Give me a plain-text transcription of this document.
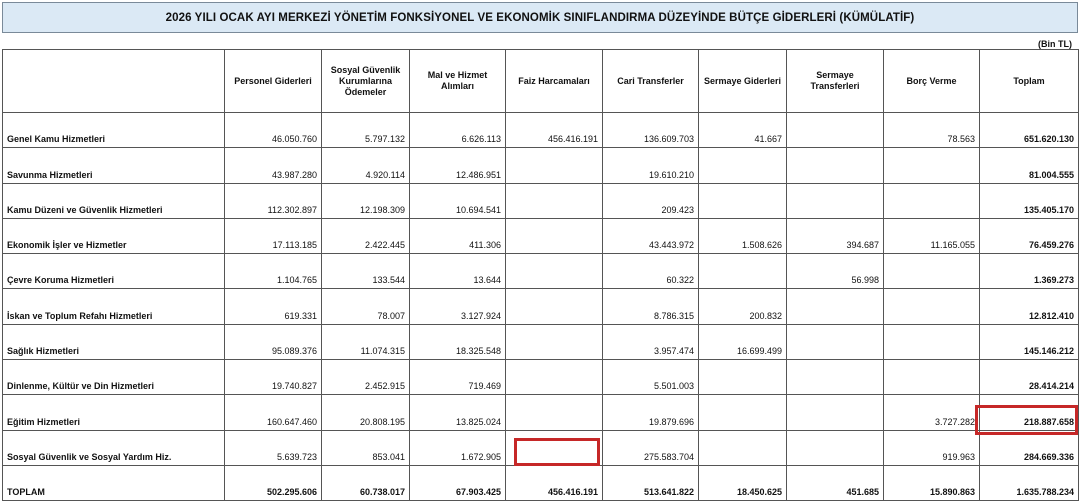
2026 YILI OCAK AYI MERKEZİ YÖNETİM FONKSİYONEL VE EKONOMİK SINIFLANDIRMA DÜZEYİNDE BÜTÇE GİDERLERİ (KÜMÜLATİF)
(Bin TL)
	Personel Giderleri	Sosyal Güvenlik Kurumlarına Ödemeler	Mal ve Hizmet Alımları	Faiz Harcamaları	Cari Transferler	Sermaye Giderleri	Sermaye Transferleri	Borç Verme	Toplam
Genel Kamu Hizmetleri	46.050.760	5.797.132	6.626.113	456.416.191	136.609.703	41.667		78.563	651.620.130
Savunma Hizmetleri	43.987.280	4.920.114	12.486.951		19.610.210				81.004.555
Kamu Düzeni ve Güvenlik Hizmetleri	112.302.897	12.198.309	10.694.541		209.423				135.405.170
Ekonomik İşler ve Hizmetler	17.113.185	2.422.445	411.306		43.443.972	1.508.626	394.687	11.165.055	76.459.276
Çevre Koruma Hizmetleri	1.104.765	133.544	13.644		60.322		56.998		1.369.273
İskan ve Toplum Refahı Hizmetleri	619.331	78.007	3.127.924		8.786.315	200.832			12.812.410
Sağlık Hizmetleri	95.089.376	11.074.315	18.325.548		3.957.474	16.699.499			145.146.212
Dinlenme, Kültür ve Din Hizmetleri	19.740.827	2.452.915	719.469		5.501.003				28.414.214
Eğitim Hizmetleri	160.647.460	20.808.195	13.825.024		19.879.696			3.727.282	218.887.658
Sosyal Güvenlik ve Sosyal Yardım Hiz.	5.639.723	853.041	1.672.905		275.583.704			919.963	284.669.336
TOPLAM	502.295.606	60.738.017	67.903.425	456.416.191	513.641.822	18.450.625	451.685	15.890.863	1.635.788.234
